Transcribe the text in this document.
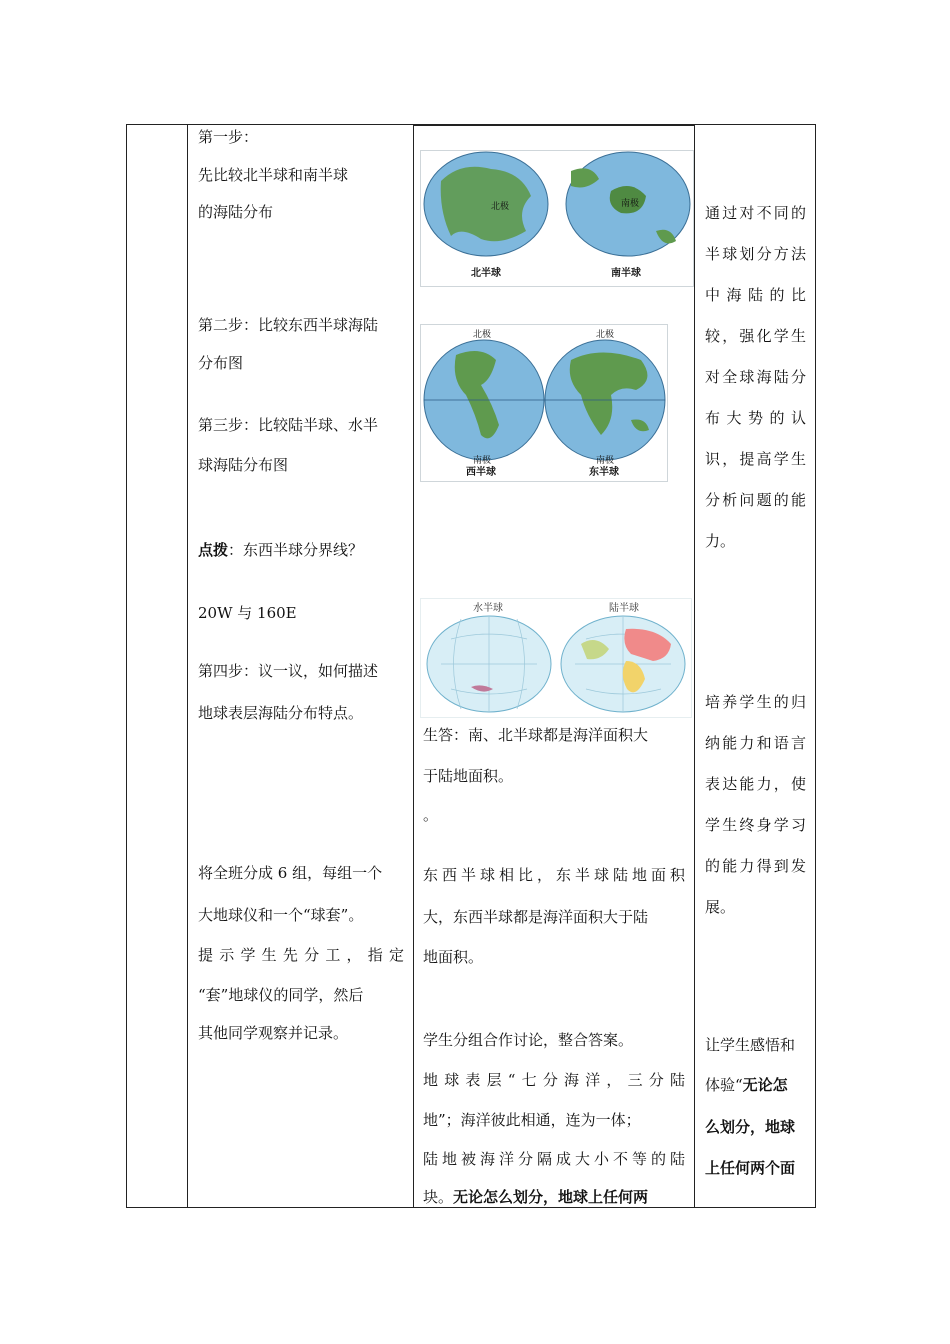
第一步：
先比较北半球和南半球
的海陆分布
第二步：比较东西半球海陆
分布图
第三步：比较陆半球、水半
球海陆分布图
点拨：东西半球分界线？
20W 与 160E
第四步：议一议，如何描述
地球表层海陆分布特点。
将全班分成 6 组，每组一个
大地球仪和一个“球套”。
提示学生先分工，指定
“套”地球仪的同学，然后
其他同学观察并记录。
北极	南极
北半球	南半球
北极	北极
南极	南极
西半球	东半球
水半球	陆半球
生答：南、北半球都是海洋面积大
于陆地面积。
。
东西半球相比，东半球陆地面积
大，东西半球都是海洋面积大于陆
地面积。
学生分组合作讨论，整合答案。
地球表层“七分海洋，三分陆
地”；海洋彼此相通，连为一体；
陆地被海洋分隔成大小不等的陆
块。无论怎么划分，地球上任何两
通过对不同的
半球划分方法
中海陆的比
较，强化学生
对全球海陆分
布大势的认
识，提高学生
分析问题的能
力。
培养学生的归
纳能力和语言
表达能力，使
学生终身学习
的能力得到发
展。
让学生感悟和
体验“无论怎
么划分，地球
上任何两个面
